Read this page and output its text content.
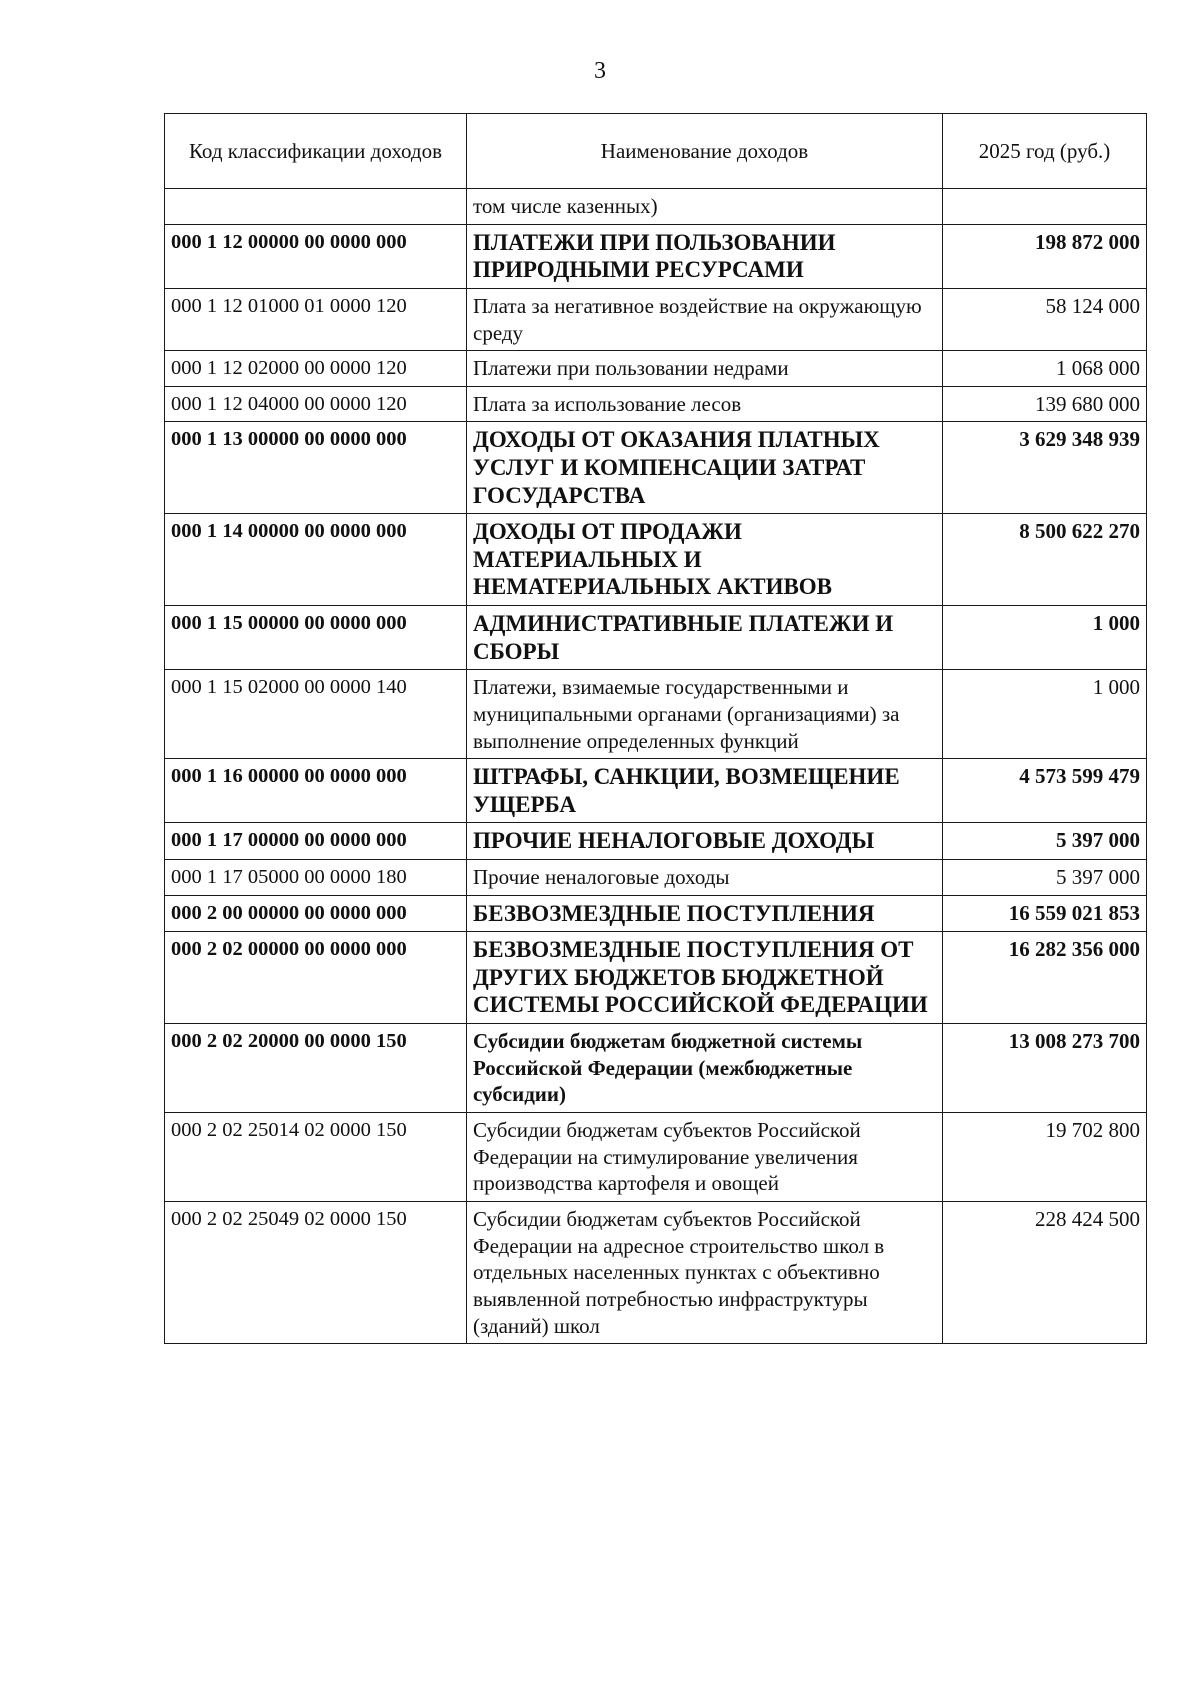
3
Код классификации доходов	Наименование доходов	2025 год (руб.)
	том числе казенных)	
000 1 12 00000 00 0000 000	ПЛАТЕЖИ ПРИ ПОЛЬЗОВАНИИ ПРИРОДНЫМИ РЕСУРСАМИ	198 872 000
000 1 12 01000 01 0000 120	Плата за негативное воздействие на окружающую среду	58 124 000
000 1 12 02000 00 0000 120	Платежи при пользовании недрами	1 068 000
000 1 12 04000 00 0000 120	Плата за использование лесов	139 680 000
000 1 13 00000 00 0000 000	ДОХОДЫ ОТ ОКАЗАНИЯ ПЛАТНЫХ УСЛУГ И КОМПЕНСАЦИИ ЗАТРАТ ГОСУДАРСТВА	3 629 348 939
000 1 14 00000 00 0000 000	ДОХОДЫ ОТ ПРОДАЖИ МАТЕРИАЛЬНЫХ И НЕМАТЕРИАЛЬНЫХ АКТИВОВ	8 500 622 270
000 1 15 00000 00 0000 000	АДМИНИСТРАТИВНЫЕ ПЛАТЕЖИ И СБОРЫ	1 000
000 1 15 02000 00 0000 140	Платежи, взимаемые государственными и муниципальными органами (организациями) за выполнение определенных функций	1 000
000 1 16 00000 00 0000 000	ШТРАФЫ, САНКЦИИ, ВОЗМЕЩЕНИЕ УЩЕРБА	4 573 599 479
000 1 17 00000 00 0000 000	ПРОЧИЕ НЕНАЛОГОВЫЕ ДОХОДЫ	5 397 000
000 1 17 05000 00 0000 180	Прочие неналоговые доходы	5 397 000
000 2 00 00000 00 0000 000	БЕЗВОЗМЕЗДНЫЕ ПОСТУПЛЕНИЯ	16 559 021 853
000 2 02 00000 00 0000 000	БЕЗВОЗМЕЗДНЫЕ ПОСТУПЛЕНИЯ ОТ ДРУГИХ БЮДЖЕТОВ БЮДЖЕТНОЙ СИСТЕМЫ РОССИЙСКОЙ ФЕДЕРАЦИИ	16 282 356 000
000 2 02 20000 00 0000 150	Субсидии бюджетам бюджетной системы Российской Федерации (межбюджетные субсидии)	13 008 273 700
000 2 02 25014 02 0000 150	Субсидии бюджетам субъектов Российской Федерации на стимулирование увеличения производства картофеля и овощей	19 702 800
000 2 02 25049 02 0000 150	Субсидии бюджетам субъектов Российской Федерации на адресное строительство школ в отдельных населенных пунктах с объективно выявленной потребностью инфраструктуры (зданий) школ	228 424 500
